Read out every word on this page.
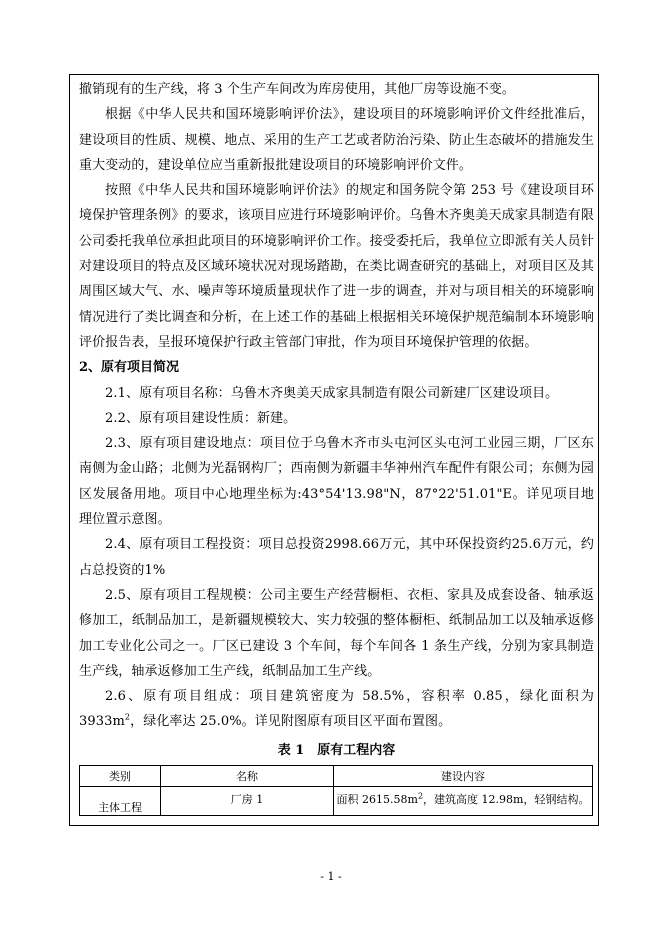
撤销现有的生产线，将 3 个生产车间改为库房使用，其他厂房等设施不变。

根据《中华人民共和国环境影响评价法》，建设项目的环境影响评价文件经批准后，建设项目的性质、规模、地点、采用的生产工艺或者防治污染、防止生态破坏的措施发生重大变动的，建设单位应当重新报批建设项目的环境影响评价文件。

按照《中华人民共和国环境影响评价法》的规定和国务院令第 253 号《建设项目环境保护管理条例》的要求，该项目应进行环境影响评价。乌鲁木齐奥美天成家具制造有限公司委托我单位承担此项目的环境影响评价工作。接受委托后，我单位立即派有关人员针对建设项目的特点及区域环境状况对现场踏勘，在类比调查研究的基础上，对项目区及其周围区域大气、水、噪声等环境质量现状作了进一步的调查，并对与项目相关的环境影响情况进行了类比调查和分析，在上述工作的基础上根据相关环境保护规范编制本环境影响评价报告表，呈报环境保护行政主管部门审批，作为项目环境保护管理的依据。

2、原有项目简况

2.1、原有项目名称：乌鲁木齐奥美天成家具制造有限公司新建厂区建设项目。

2.2、原有项目建设性质：新建。

2.3、原有项目建设地点：项目位于乌鲁木齐市头屯河区头屯河工业园三期，厂区东南侧为金山路；北侧为光磊钢构厂；西南侧为新疆丰华神州汽车配件有限公司；东侧为园区发展备用地。项目中心地理坐标为:43°54'13.98"N，87°22'51.01"E。详见项目地理位置示意图。

2.4、原有项目工程投资：项目总投资2998.66万元，其中环保投资约25.6万元，约占总投资的1%

2.5、原有项目工程规模：公司主要生产经营橱柜、衣柜、家具及成套设备、轴承返修加工，纸制品加工，是新疆规模较大、实力较强的整体橱柜、纸制品加工以及轴承返修加工专业化公司之一。厂区已建设 3 个车间，每个车间各 1 条生产线，分别为家具制造生产线，轴承返修加工生产线，纸制品加工生产线。

2.6、原有项目组成：项目建筑密度为 58.5%，容积率 0.85，绿化面积为 $3933m^2$，绿化率达 25.0%。详见附图原有项目区平面布置图。

表 1　原有工程内容
类别	名称	建设内容
主体工程	厂房 1	面积 $2615.58m^2$，建筑高度 12.98m，轻钢结构。
- 1 -
